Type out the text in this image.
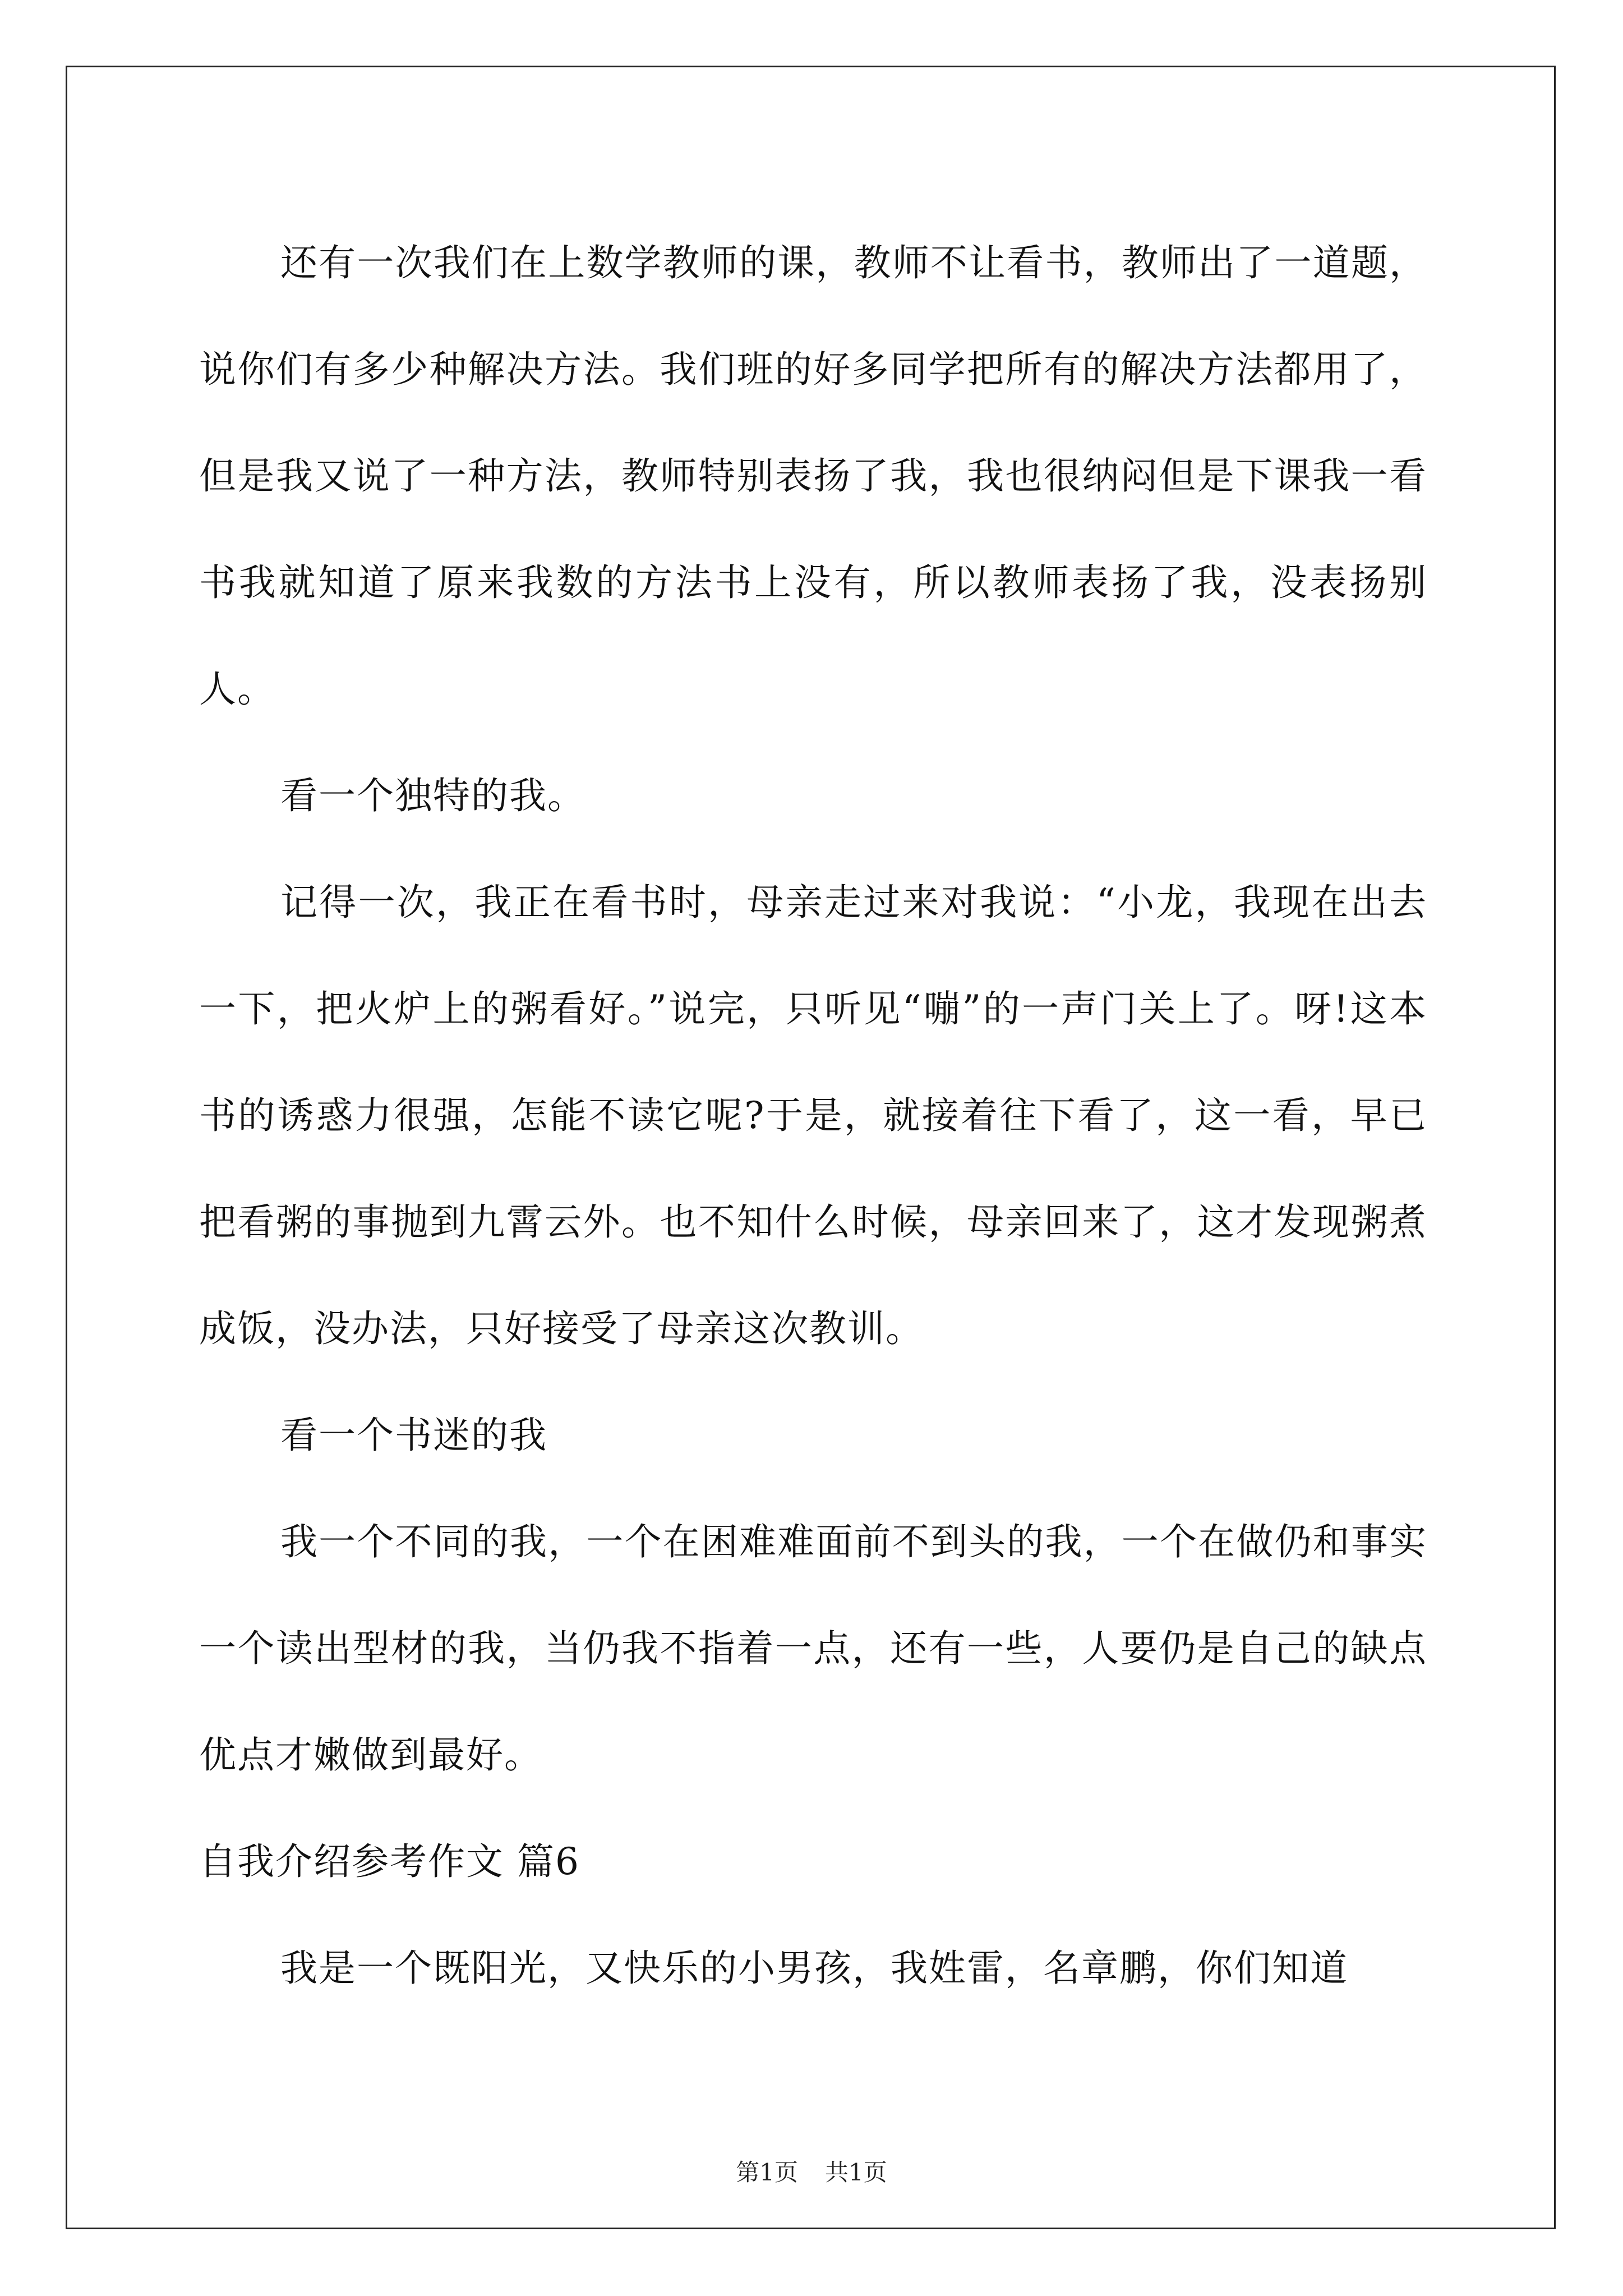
还有一次我们在上数学教师的课，教师不让看书，教师出了一道题，说你们有多少种解决方法。我们班的好多同学把所有的解决方法都用了，但是我又说了一种方法，教师特别表扬了我，我也很纳闷但是下课我一看书我就知道了原来我数的方法书上没有，所以教师表扬了我，没表扬别人。

看一个独特的我。

记得一次，我正在看书时，母亲走过来对我说：“小龙，我现在出去一下，把火炉上的粥看好。”说完，只听见“嘣”的一声门关上了。呀!这本书的诱惑力很强，怎能不读它呢?于是，就接着往下看了，这一看，早已把看粥的事抛到九霄云外。也不知什么时候，母亲回来了，这才发现粥煮成饭，没办法，只好接受了母亲这次教训。

看一个书迷的我

我一个不同的我，一个在困难难面前不到头的我，一个在做仍和事实一个读出型材的我，当仍我不指着一点，还有一些，人要仍是自己的缺点优点才嫩做到最好。

自我介绍参考作文 篇6

我是一个既阳光，又快乐的小男孩，我姓雷，名章鹏，你们知道

第1页 共1页
